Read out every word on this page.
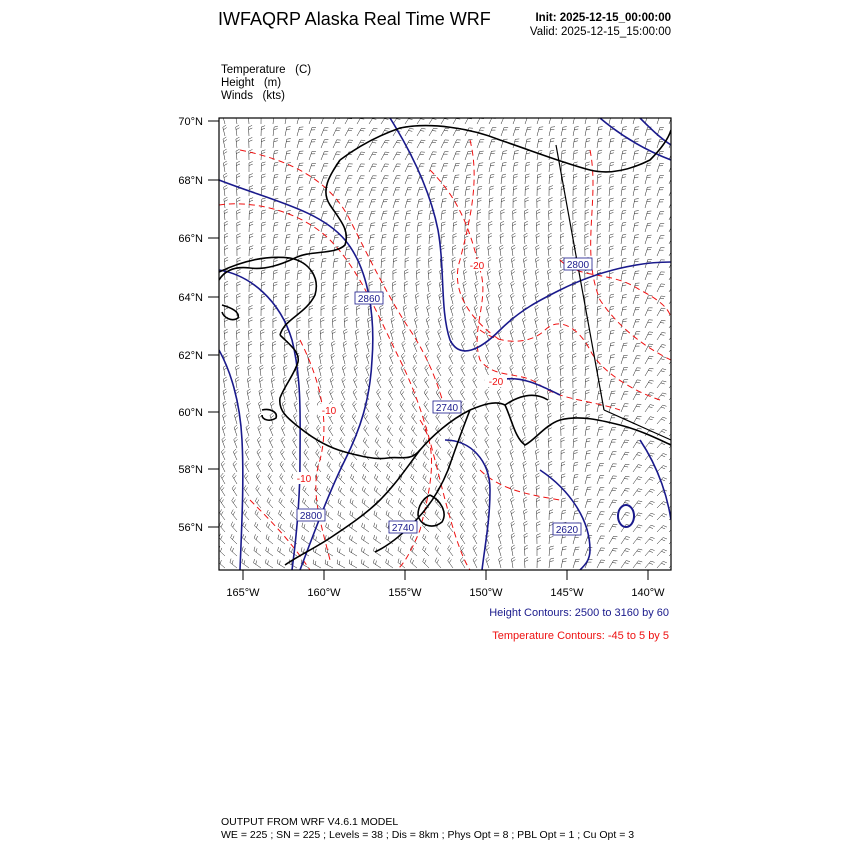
IWFAQRP Alaska Real Time WRF	Init: 2025-12-15_00:00:00
Valid: 2025-12-15_15:00:00
Temperature (C)
Height (m)
Winds (kts)
2860
2800
2740
2800
2740	2620
-20
-20
-10
-10
70°N
68°N
66°N
64°N
62°N
60°N
58°N
56°N
165°W	160°W	155°W	150°W	145°W	140°W
Height Contours: 2500 to 3160 by 60
Temperature Contours: -45 to 5 by 5
OUTPUT FROM WRF V4.6.1 MODEL
WE = 225 ; SN = 225 ; Levels = 38 ; Dis = 8km ; Phys Opt = 8 ; PBL Opt = 1 ; Cu Opt = 3
